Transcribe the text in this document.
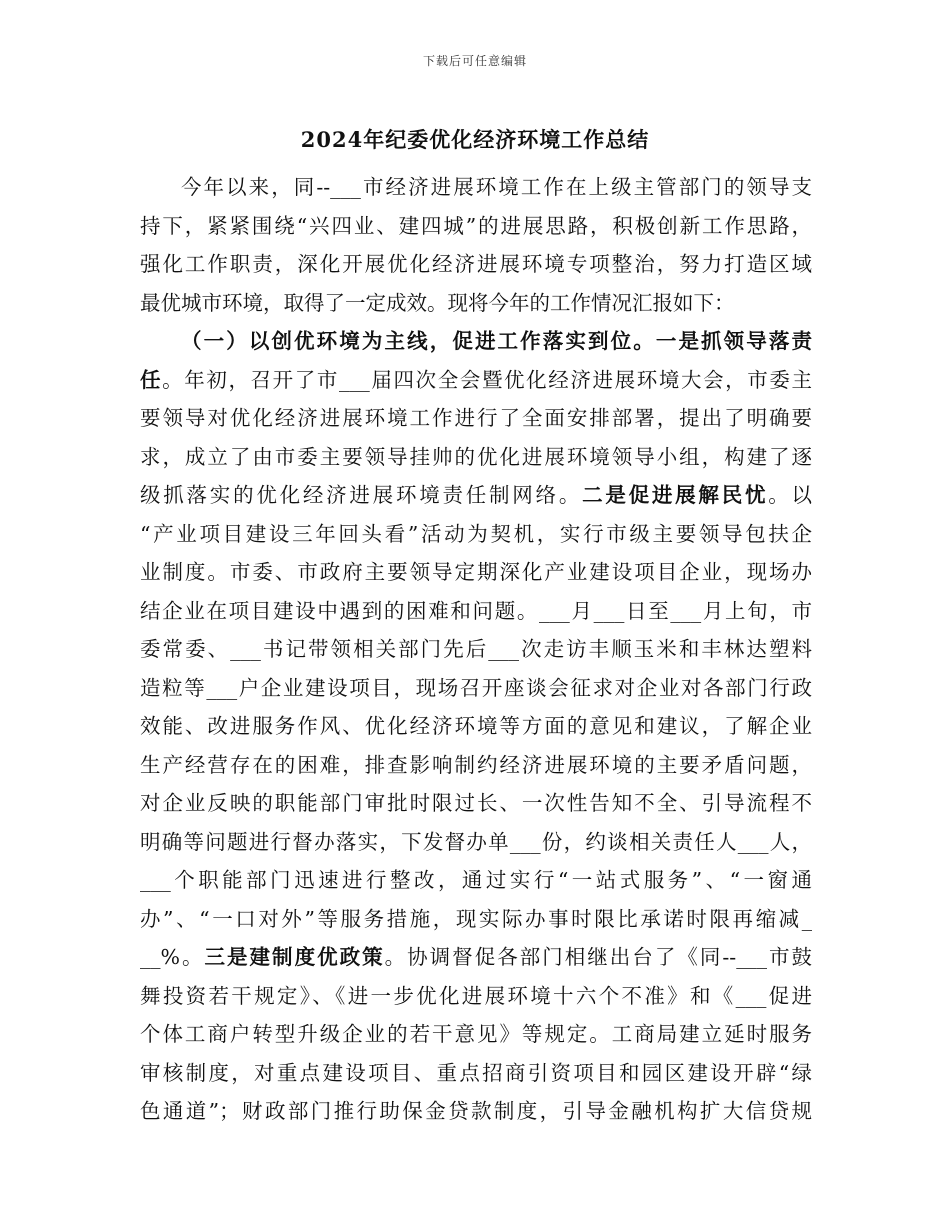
下载后可任意编辑
2024年纪委优化经济环境工作总结
今年以来，同--___市经济进展环境工作在上级主管部门的领导支
持下，紧紧围绕“兴四业、建四城”的进展思路，积极创新工作思路，
强化工作职责，深化开展优化经济进展环境专项整治，努力打造区域
最优城市环境，取得了一定成效。现将今年的工作情况汇报如下：
（一）以创优环境为主线，促进工作落实到位。一是抓领导落责
任。年初，召开了市___届四次全会暨优化经济进展环境大会，市委主
要领导对优化经济进展环境工作进行了全面安排部署，提出了明确要
求，成立了由市委主要领导挂帅的优化进展环境领导小组，构建了逐
级抓落实的优化经济进展环境责任制网络。二是促进展解民忧。以
“产业项目建设三年回头看”活动为契机，实行市级主要领导包扶企
业制度。市委、市政府主要领导定期深化产业建设项目企业，现场办
结企业在项目建设中遇到的困难和问题。___月___日至___月上旬，市
委常委、___书记带领相关部门先后___次走访丰顺玉米和丰林达塑料
造粒等___户企业建设项目，现场召开座谈会征求对企业对各部门行政
效能、改进服务作风、优化经济环境等方面的意见和建议，了解企业
生产经营存在的困难，排查影响制约经济进展环境的主要矛盾问题，
对企业反映的职能部门审批时限过长、一次性告知不全、引导流程不
明确等问题进行督办落实，下发督办单___份，约谈相关责任人___人，
___个职能部门迅速进行整改，通过实行“一站式服务”、“一窗通
办”、“一口对外”等服务措施，现实际办事时限比承诺时限再缩减_
__%。三是建制度优政策。协调督促各部门相继出台了《同--___市鼓
舞投资若干规定》、《进一步优化进展环境十六个不准》和《___促进
个体工商户转型升级企业的若干意见》等规定。工商局建立延时服务
审核制度，对重点建设项目、重点招商引资项目和园区建设开辟“绿
色通道”；财政部门推行助保金贷款制度，引导金融机构扩大信贷规
